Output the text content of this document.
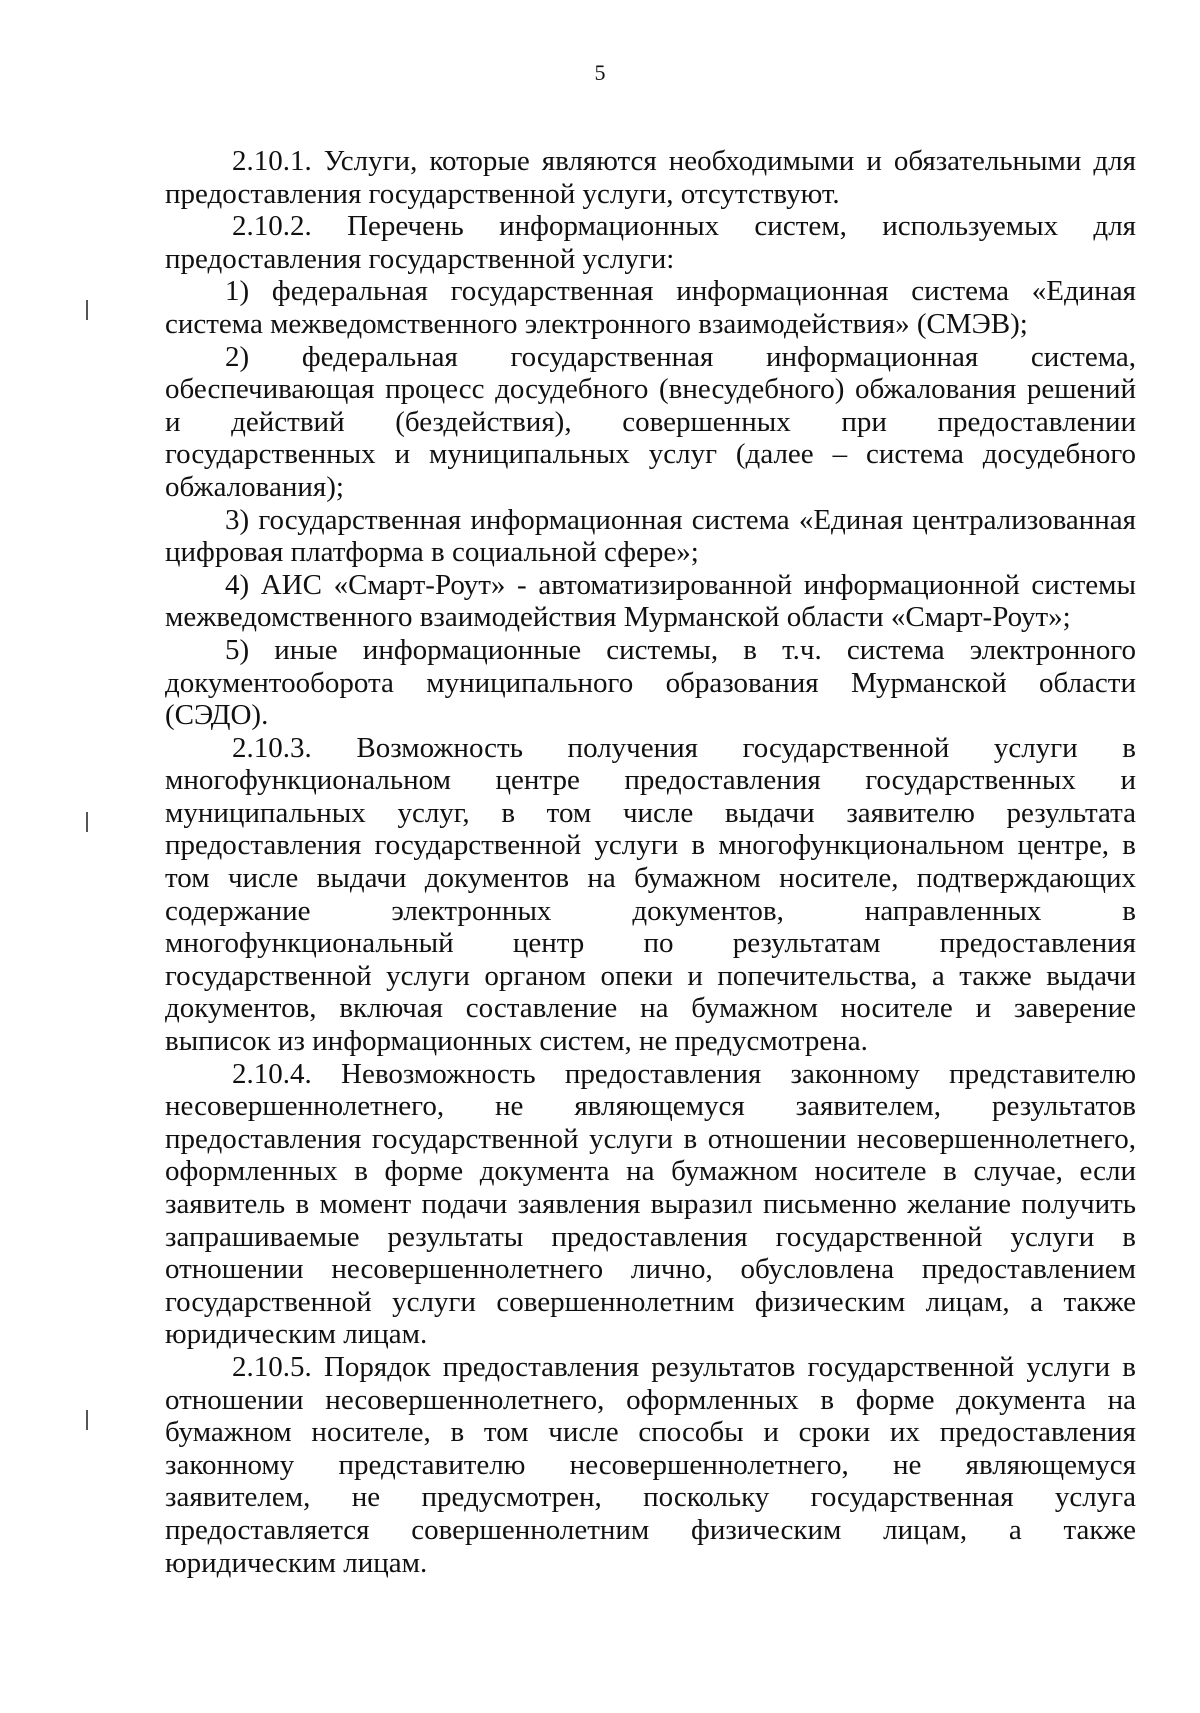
5

2.10.1. Услуги, которые являются необходимыми и обязательными для предоставления государственной услуги, отсутствуют.

2.10.2. Перечень информационных систем, используемых для предоставления государственной услуги:

1) федеральная государственная информационная система «Единая система межведомственного электронного взаимодействия» (СМЭВ);

2) федеральная государственная информационная система, обеспечивающая процесс досудебного (внесудебного) обжалования решений и действий (бездействия), совершенных при предоставлении государственных и муниципальных услуг (далее – система досудебного обжалования);

3) государственная информационная система «Единая централизованная цифровая платформа в социальной сфере»;

4) АИС «Смарт-Роут» - автоматизированной информационной системы межведомственного взаимодействия Мурманской области «Смарт-Роут»;

5) иные информационные системы, в т.ч. система электронного документооборота муниципального образования Мурманской области (СЭДО).

2.10.3. Возможность получения государственной услуги в многофункциональном центре предоставления государственных и муниципальных услуг, в том числе выдачи заявителю результата предоставления государственной услуги в многофункциональном центре, в том числе выдачи документов на бумажном носителе, подтверждающих содержание электронных документов, направленных в многофункциональный центр по результатам предоставления государственной услуги органом опеки и попечительства, а также выдачи документов, включая составление на бумажном носителе и заверение выписок из информационных систем, не предусмотрена.

2.10.4. Невозможность предоставления законному представителю несовершеннолетнего, не являющемуся заявителем, результатов предоставления государственной услуги в отношении несовершеннолетнего, оформленных в форме документа на бумажном носителе в случае, если заявитель в момент подачи заявления выразил письменно желание получить запрашиваемые результаты предоставления государственной услуги в отношении несовершеннолетнего лично, обусловлена предоставлением государственной услуги совершеннолетним физическим лицам, а также юридическим лицам.

2.10.5. Порядок предоставления результатов государственной услуги в отношении несовершеннолетнего, оформленных в форме документа на бумажном носителе, в том числе способы и сроки их предоставления законному представителю несовершеннолетнего, не являющемуся заявителем, не предусмотрен, поскольку государственная услуга предоставляется совершеннолетним физическим лицам, а также юридическим лицам.
